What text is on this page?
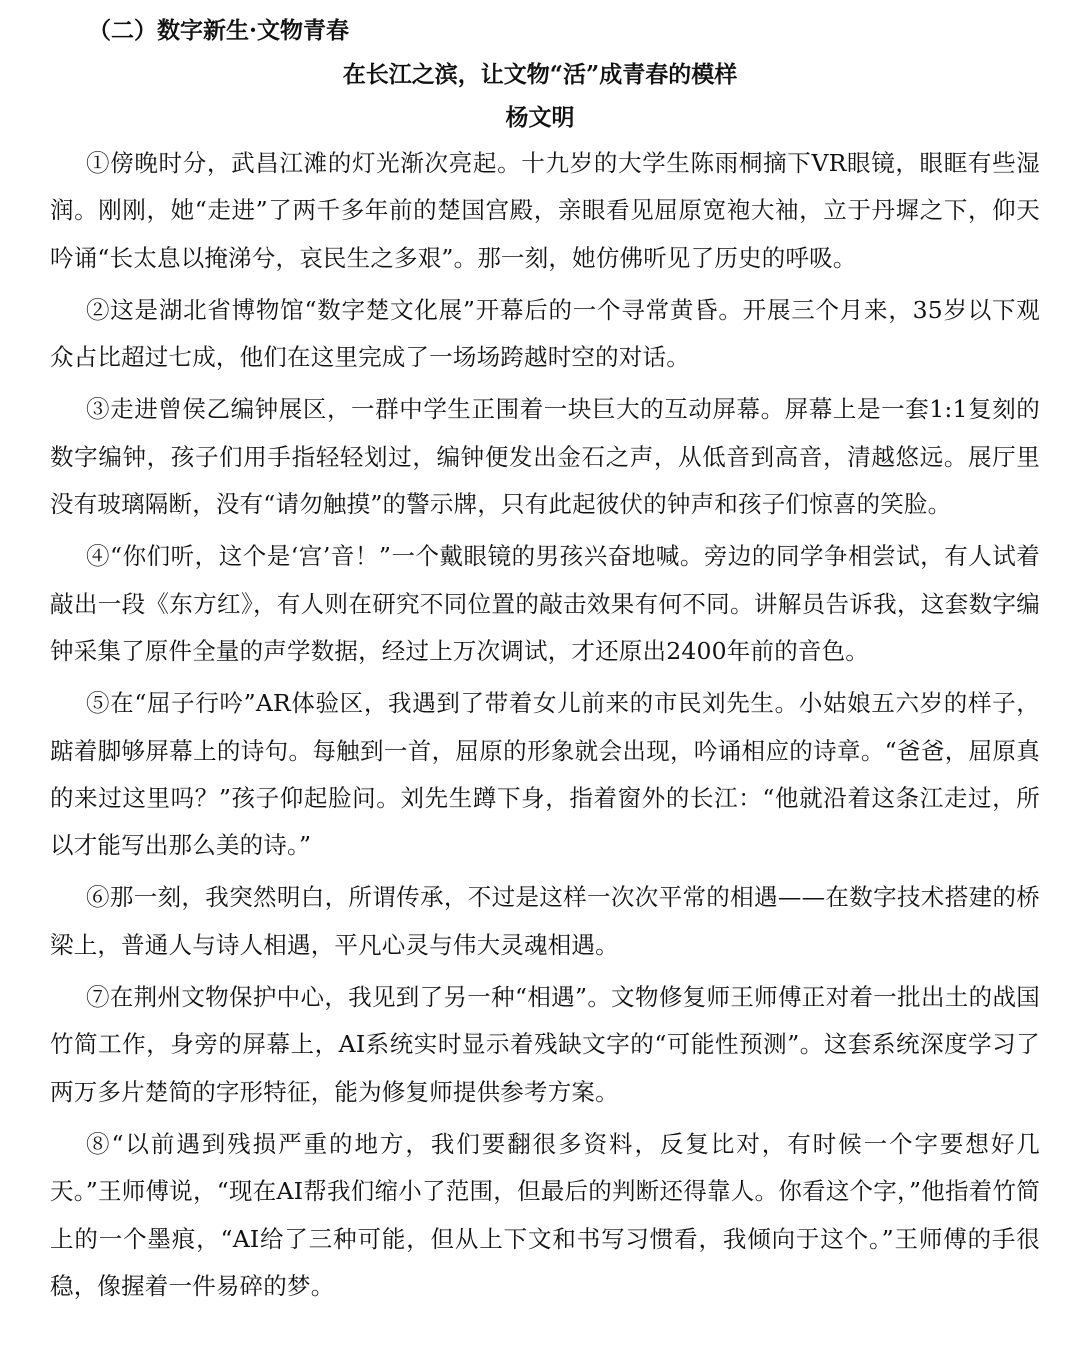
（二）数字新生·文物青春
在长江之滨，让文物“活”成青春的模样
杨文明

①傍晚时分，武昌江滩的灯光渐次亮起。十九岁的大学生陈雨桐摘下VR眼镜，眼眶有些湿润。刚刚，她“走进”了两千多年前的楚国宫殿，亲眼看见屈原宽袍大袖，立于丹墀之下，仰天吟诵“长太息以掩涕兮，哀民生之多艰”。那一刻，她仿佛听见了历史的呼吸。

②这是湖北省博物馆“数字楚文化展”开幕后的一个寻常黄昏。开展三个月来，35岁以下观众占比超过七成，他们在这里完成了一场场跨越时空的对话。

③走进曾侯乙编钟展区，一群中学生正围着一块巨大的互动屏幕。屏幕上是一套1:1复刻的数字编钟，孩子们用手指轻轻划过，编钟便发出金石之声，从低音到高音，清越悠远。展厅里没有玻璃隔断，没有“请勿触摸”的警示牌，只有此起彼伏的钟声和孩子们惊喜的笑脸。

④“你们听，这个是‘宫’音！”一个戴眼镜的男孩兴奋地喊。旁边的同学争相尝试，有人试着敲出一段《东方红》，有人则在研究不同位置的敲击效果有何不同。讲解员告诉我，这套数字编钟采集了原件全量的声学数据，经过上万次调试，才还原出2400年前的音色。

⑤在“屈子行吟”AR体验区，我遇到了带着女儿前来的市民刘先生。小姑娘五六岁的样子，踮着脚够屏幕上的诗句。每触到一首，屈原的形象就会出现，吟诵相应的诗章。“爸爸，屈原真的来过这里吗？”孩子仰起脸问。刘先生蹲下身，指着窗外的长江：“他就沿着这条江走过，所以才能写出那么美的诗。”

⑥那一刻，我突然明白，所谓传承，不过是这样一次次平常的相遇——在数字技术搭建的桥梁上，普通人与诗人相遇，平凡心灵与伟大灵魂相遇。

⑦在荆州文物保护中心，我见到了另一种“相遇”。文物修复师王师傅正对着一批出土的战国竹简工作，身旁的屏幕上，AI系统实时显示着残缺文字的“可能性预测”。这套系统深度学习了两万多片楚简的字形特征，能为修复师提供参考方案。

⑧“以前遇到残损严重的地方，我们要翻很多资料，反复比对，有时候一个字要想好几天。”王师傅说，“现在AI帮我们缩小了范围，但最后的判断还得靠人。你看这个字，”他指着竹简上的一个墨痕，“AI给了三种可能，但从上下文和书写习惯看，我倾向于这个。”王师傅的手很稳，像握着一件易碎的梦。
